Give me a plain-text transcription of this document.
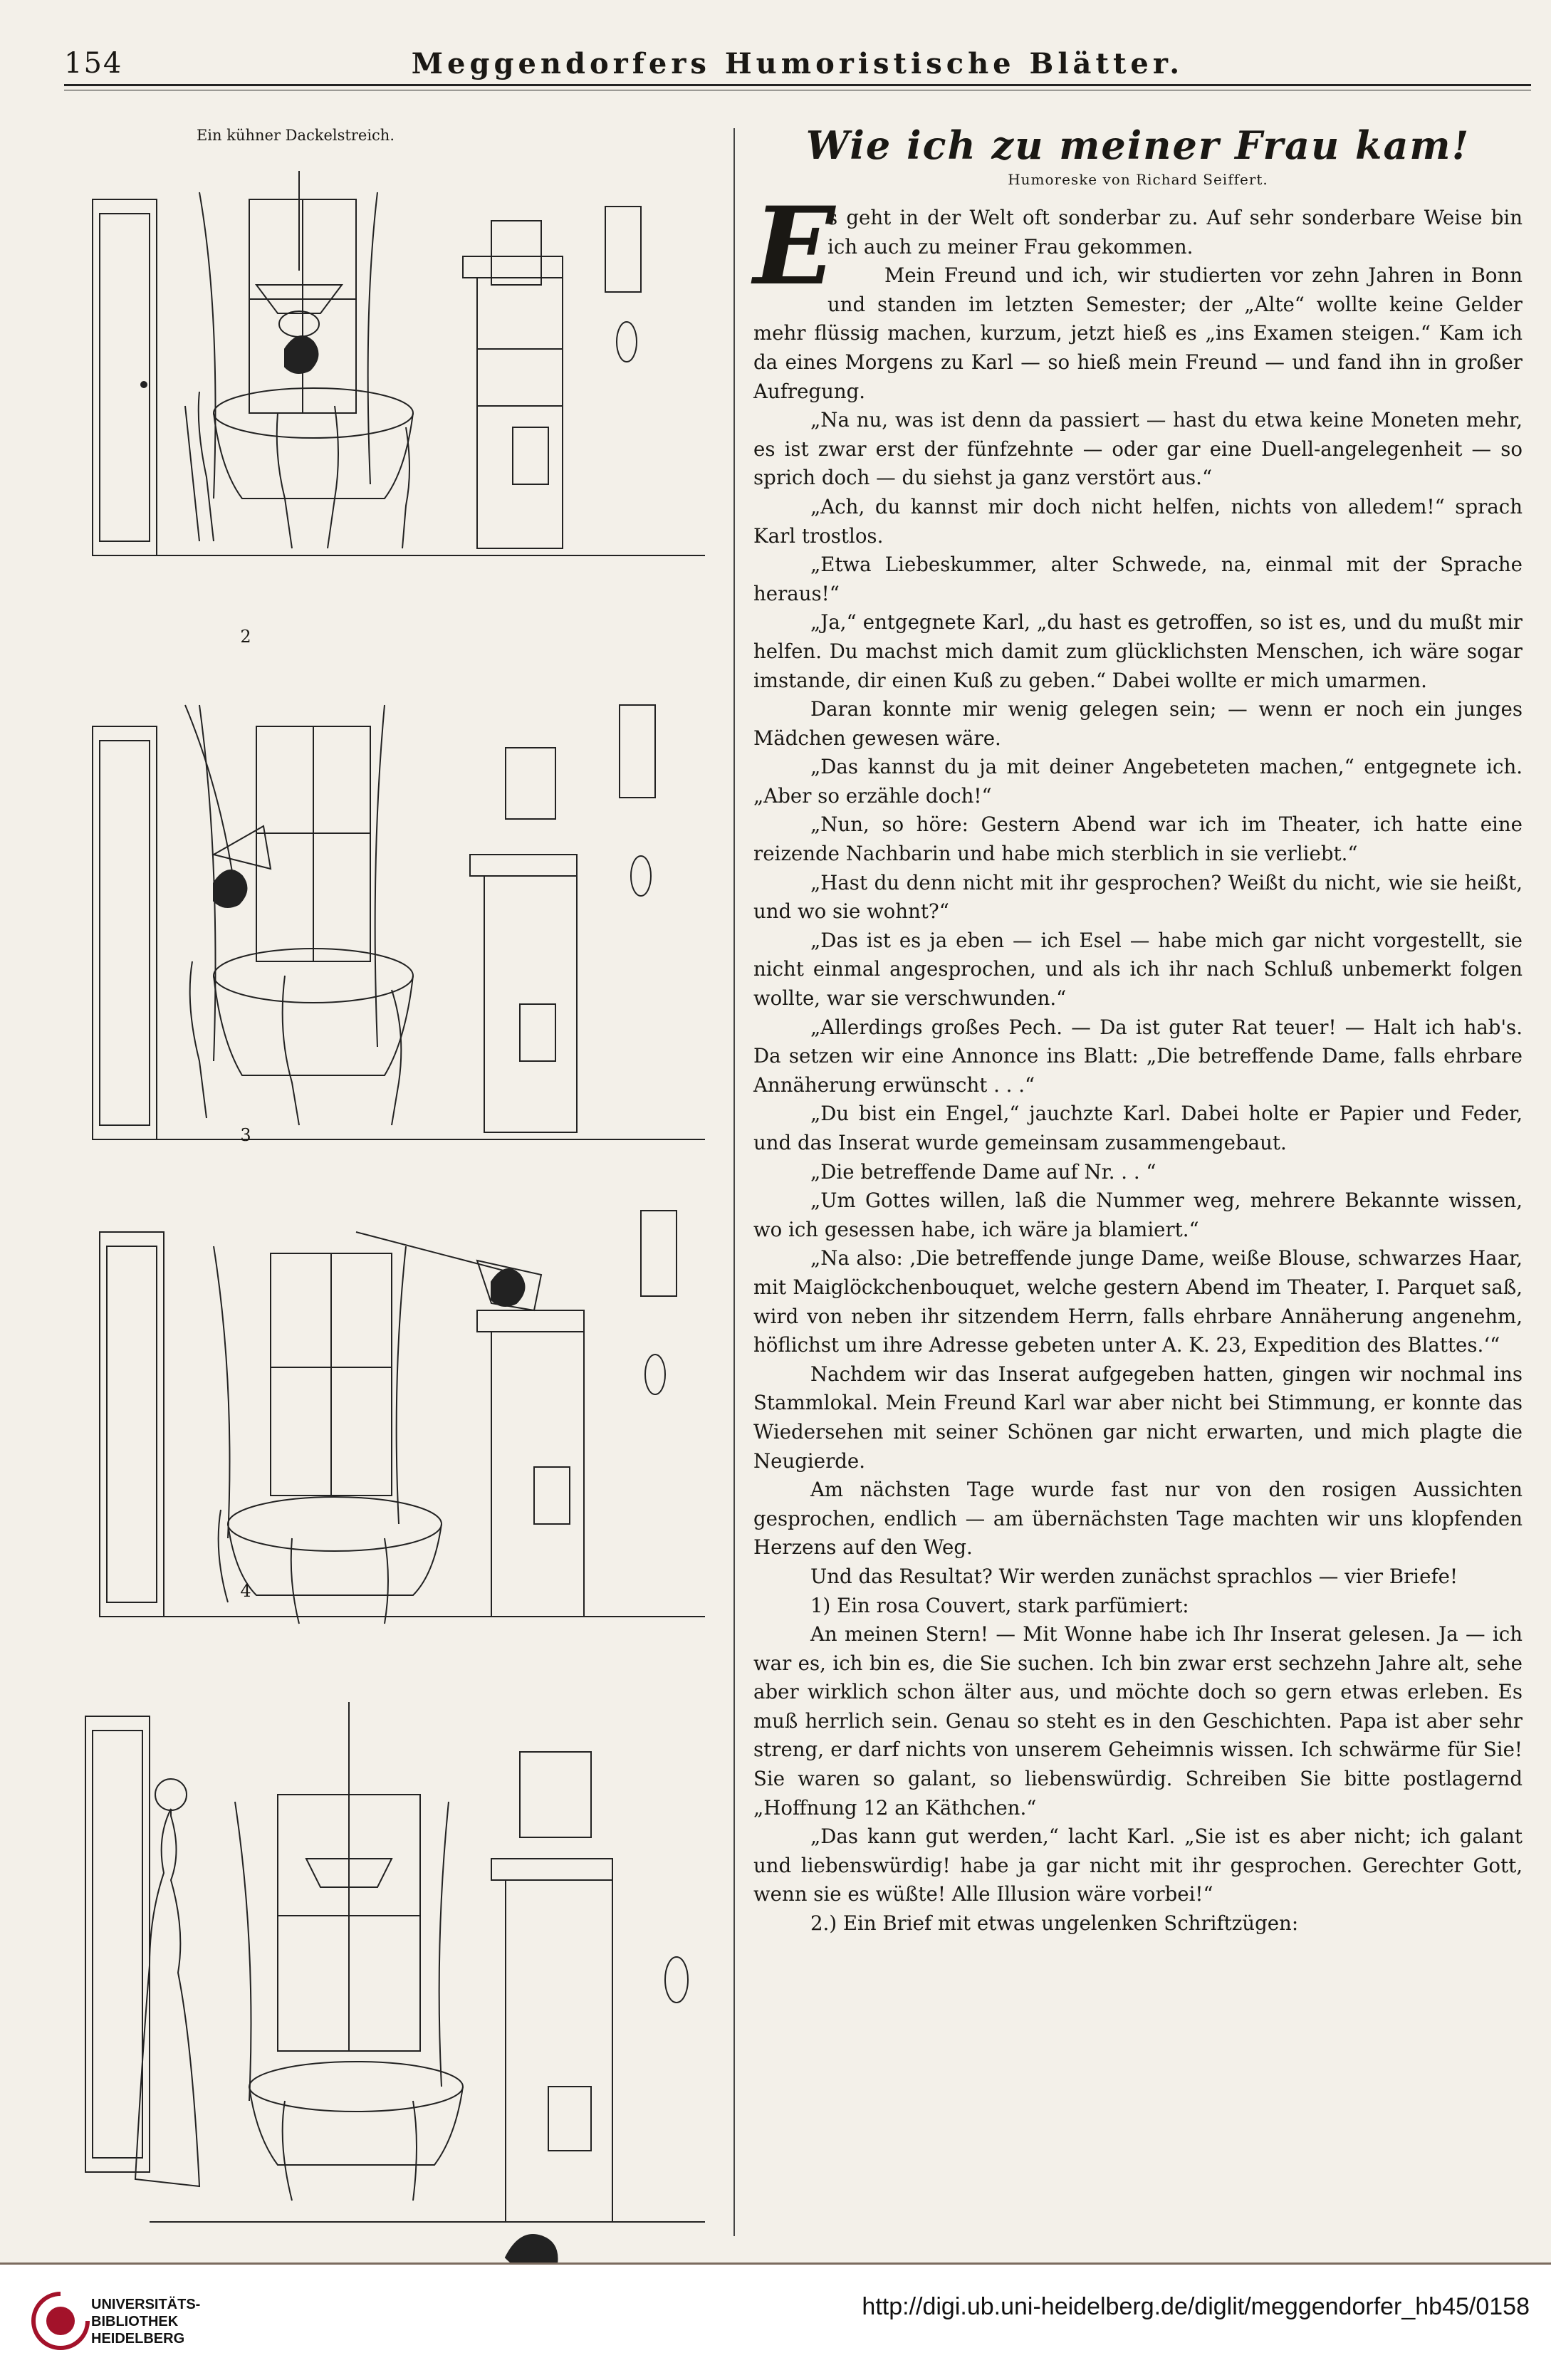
154	Meggendorfers Humoristische Blätter.
Ein kühner Dackelstreich.
2
3
4
Wie ich zu meiner Frau kam!
Humoreske von Richard Seiffert.

E
s geht in der Welt oft sonderbar zu. Auf sehr sonderbare Weise bin ich auch zu meiner Frau gekommen.

Mein Freund und ich, wir studierten vor zehn Jahren in Bonn und standen im letzten Semester; der „Alte“ wollte keine Gelder mehr flüssig machen, kurzum, jetzt hieß es „ins Examen steigen.“ Kam ich da eines Morgens zu Karl — so hieß mein Freund — und fand ihn in großer Aufregung.

„Na nu, was ist denn da passiert — hast du etwa keine Moneten mehr, es ist zwar erst der fünfzehnte — oder gar eine Duell-angelegenheit — so sprich doch — du siehst ja ganz verstört aus.“

„Ach, du kannst mir doch nicht helfen, nichts von alledem!“ sprach Karl trostlos.

„Etwa Liebeskummer, alter Schwede, na, einmal mit der Sprache heraus!“

„Ja,“ entgegnete Karl, „du hast es getroffen, so ist es, und du mußt mir helfen. Du machst mich damit zum glücklichsten Menschen, ich wäre sogar imstande, dir einen Kuß zu geben.“ Dabei wollte er mich umarmen.

Daran konnte mir wenig gelegen sein; — wenn er noch ein junges Mädchen gewesen wäre.

„Das kannst du ja mit deiner Angebeteten machen,“ entgegnete ich. „Aber so erzähle doch!“

„Nun, so höre: Gestern Abend war ich im Theater, ich hatte eine reizende Nachbarin und habe mich sterblich in sie verliebt.“

„Hast du denn nicht mit ihr gesprochen? Weißt du nicht, wie sie heißt, und wo sie wohnt?“

„Das ist es ja eben — ich Esel — habe mich gar nicht vorgestellt, sie nicht einmal angesprochen, und als ich ihr nach Schluß unbemerkt folgen wollte, war sie verschwunden.“

„Allerdings großes Pech. — Da ist guter Rat teuer! — Halt ich hab's. Da setzen wir eine Annonce ins Blatt: „Die betreffende Dame, falls ehrbare Annäherung erwünscht . . .“

„Du bist ein Engel,“ jauchzte Karl. Dabei holte er Papier und Feder, und das Inserat wurde gemeinsam zusammengebaut.

„Die betreffende Dame auf Nr. . . “

„Um Gottes willen, laß die Nummer weg, mehrere Bekannte wissen, wo ich gesessen habe, ich wäre ja blamiert.“

„Na also: ‚Die betreffende junge Dame, weiße Blouse, schwarzes Haar, mit Maiglöckchenbouquet, welche gestern Abend im Theater, I. Parquet saß, wird von neben ihr sitzendem Herrn, falls ehrbare Annäherung angenehm, höflichst um ihre Adresse gebeten unter A. K. 23, Expedition des Blattes.‘“

Nachdem wir das Inserat aufgegeben hatten, gingen wir nochmal ins Stammlokal. Mein Freund Karl war aber nicht bei Stimmung, er konnte das Wiedersehen mit seiner Schönen gar nicht erwarten, und mich plagte die Neugierde.

Am nächsten Tage wurde fast nur von den rosigen Aussichten gesprochen, endlich — am übernächsten Tage machten wir uns klopfenden Herzens auf den Weg.

Und das Resultat? Wir werden zunächst sprachlos — vier Briefe!

1) Ein rosa Couvert, stark parfümiert:

An meinen Stern! — Mit Wonne habe ich Ihr Inserat gelesen. Ja — ich war es, ich bin es, die Sie suchen. Ich bin zwar erst sechzehn Jahre alt, sehe aber wirklich schon älter aus, und möchte doch so gern etwas erleben. Es muß herrlich sein. Genau so steht es in den Geschichten. Papa ist aber sehr streng, er darf nichts von unserem Geheimnis wissen. Ich schwärme für Sie! Sie waren so galant, so liebenswürdig. Schreiben Sie bitte postlagernd „Hoffnung 12 an Käthchen.“

„Das kann gut werden,“ lacht Karl. „Sie ist es aber nicht; ich galant und liebenswürdig! habe ja gar nicht mit ihr gesprochen. Gerechter Gott, wenn sie es wüßte! Alle Illusion wäre vorbei!“

2.) Ein Brief mit etwas ungelenken Schriftzügen:

UNIVERSITÄTS-
BIBLIOTHEK
HEIDELBERG
http://digi.ub.uni-heidelberg.de/diglit/meggendorfer_hb45/0158
